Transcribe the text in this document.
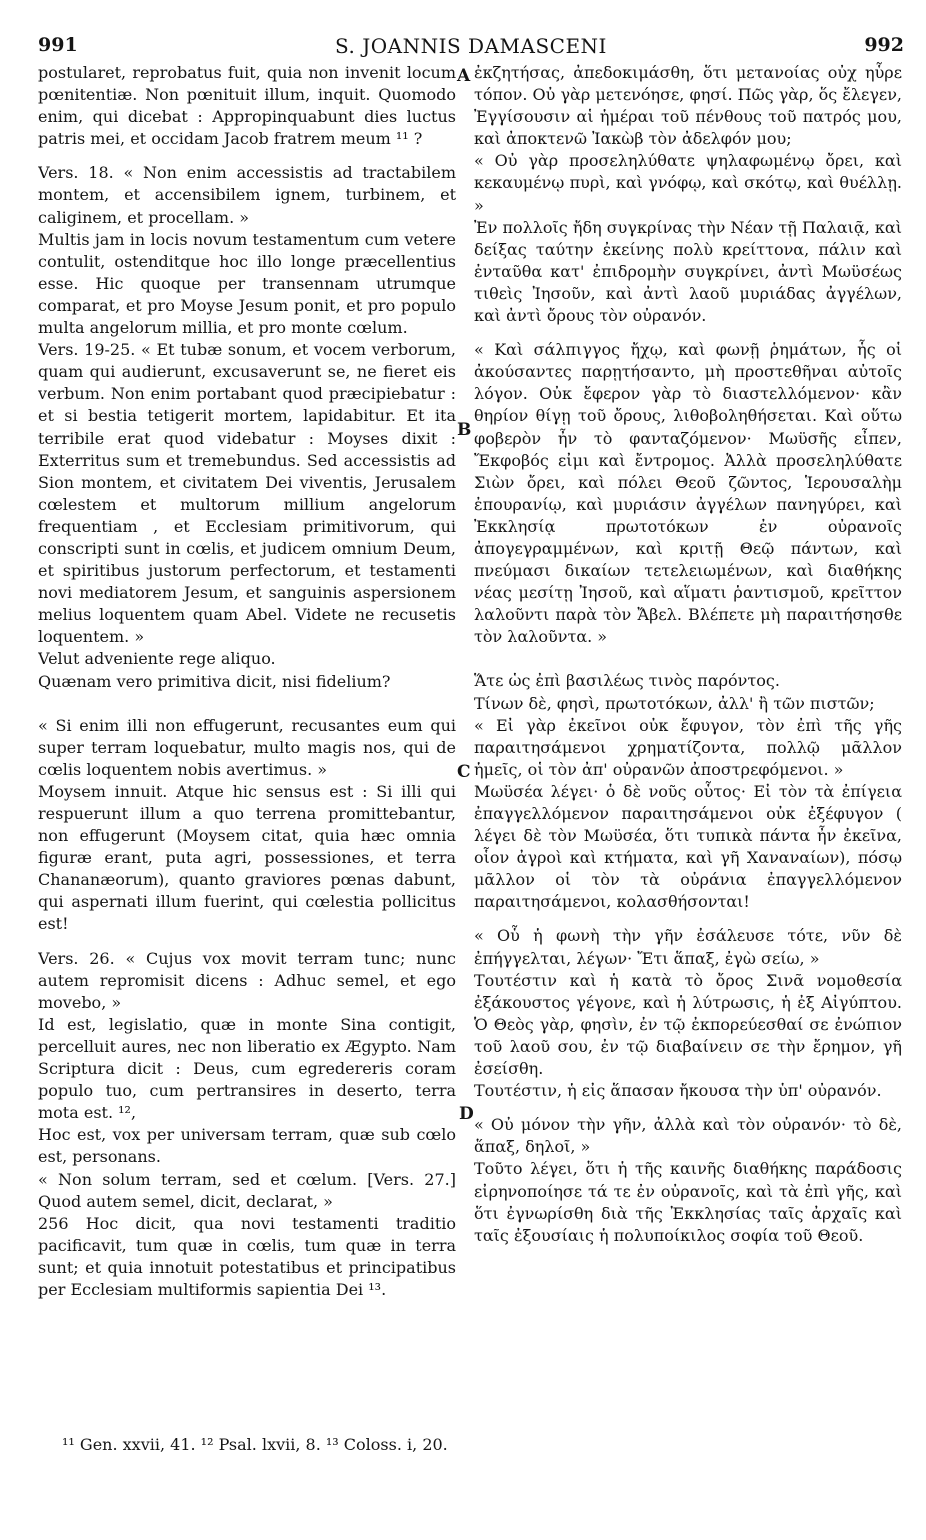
991	S. JOANNIS DAMASCENI	992

postularet, reprobatus fuit, quia non invenit locum pœnitentiæ. Non pœnituit illum, inquit. Quomodo enim, qui dicebat : Appropinquabunt dies luctus patris mei, et occidam Jacob fratrem meum ¹¹ ?

Vers. 18. « Non enim accessistis ad tractabilem montem, et accensibilem ignem, turbinem, et caliginem, et procellam. »

Multis jam in locis novum testamentum cum vetere contulit, ostenditque hoc illo longe præcellentius esse. Hic quoque per transennam utrumque comparat, et pro Moyse Jesum ponit, et pro populo multa angelorum millia, et pro monte cœlum.

Vers. 19-25. « Et tubæ sonum, et vocem verborum, quam qui audierunt, excusaverunt se, ne fieret eis verbum. Non enim portabant quod præcipiebatur : et si bestia tetigerit mortem, lapidabitur. Et ita terribile erat quod videbatur : Moyses dixit : Exterritus sum et tremebundus. Sed accessistis ad Sion montem, et civitatem Dei viventis, Jerusalem cœlestem et multorum millium angelorum frequentiam , et Ecclesiam primitivorum, qui conscripti sunt in cœlis, et judicem omnium Deum, et spiritibus justorum perfectorum, et testamenti novi mediatorem Jesum, et sanguinis aspersionem melius loquentem quam Abel. Videte ne recusetis loquentem. »

Velut adveniente rege aliquo.

Quænam vero primitiva dicit, nisi fidelium?

« Si enim illi non effugerunt, recusantes eum qui super terram loquebatur, multo magis nos, qui de cœlis loquentem nobis avertimus. »

Moysem innuit. Atque hic sensus est : Si illi qui respuerunt illum a quo terrena promittebantur, non effugerunt (Moysem citat, quia hæc omnia figuræ erant, puta agri, possessiones, et terra Chananæorum), quanto graviores pœnas dabunt, qui aspernati illum fuerint, qui cœlestia pollicitus est!

Vers. 26. « Cujus vox movit terram tunc; nunc autem repromisit dicens : Adhuc semel, et ego movebo, »

Id est, legislatio, quæ in monte Sina contigit, percelluit aures, nec non liberatio ex Ægypto. Nam Scriptura dicit : Deus, cum egredereris coram populo tuo, cum pertransires in deserto, terra mota est. ¹²,

Hoc est, vox per universam terram, quæ sub cœlo est, personans.

« Non solum terram, sed et cœlum. [Vers. 27.] Quod autem semel, dicit, declarat, »

256 Hoc dicit, qua novi testamenti traditio pacificavit, tum quæ in cœlis, tum quæ in terra sunt; et quia innotuit potestatibus et principatibus per Ecclesiam multiformis sapientia Dei ¹³.

A
B
C
D

ἐκζητήσας, ἀπεδοκιμάσθη, ὅτι μετανοίας οὐχ ηὗρε τόπον. Οὐ γὰρ μετενόησε, φησί. Πῶς γὰρ, ὅς ἔλεγεν, Ἐγγίσουσιν αἱ ἡμέραι τοῦ πένθους τοῦ πατρός μου, καὶ ἀποκτενῶ Ἰακὼβ τὸν ἀδελφόν μου;

« Οὐ γὰρ προσεληλύθατε ψηλαφωμένῳ ὄρει, καὶ κεκαυμένῳ πυρὶ, καὶ γνόφῳ, καὶ σκότῳ, καὶ θυέλλῃ. »

Ἐν πολλοῖς ἤδη συγκρίνας τὴν Νέαν τῇ Παλαιᾷ, καὶ δείξας ταύτην ἐκείνης πολὺ κρείττονα, πάλιν καὶ ἐνταῦθα κατ' ἐπιδρομὴν συγκρίνει, ἀντὶ Μωϋσέως τιθεὶς Ἰησοῦν, καὶ ἀντὶ λαοῦ μυριάδας ἀγγέλων, καὶ ἀντὶ ὄρους τὸν οὐρανόν.

« Καὶ σάλπιγγος ἤχῳ, καὶ φωνῇ ῥημάτων, ἧς οἱ ἀκούσαντες παρῃτήσαντο, μὴ προστεθῆναι αὐτοῖς λόγον. Οὐκ ἔφερον γὰρ τὸ διαστελλόμενον· κἂν θηρίον θίγῃ τοῦ ὄρους, λιθοβοληθήσεται. Καὶ οὕτω φοβερὸν ἦν τὸ φανταζόμενον· Μωϋσῆς εἶπεν, Ἔκφοβός εἰμι καὶ ἔντρομος. Ἀλλὰ προσεληλύθατε Σιὼν ὄρει, καὶ πόλει Θεοῦ ζῶντος, Ἱερουσαλὴμ ἐπουρανίῳ, καὶ μυριάσιν ἀγγέλων πανηγύρει, καὶ Ἐκκλησίᾳ πρωτοτόκων ἐν οὐρανοῖς ἀπογεγραμμένων, καὶ κριτῇ Θεῷ πάντων, καὶ πνεύμασι δικαίων τετελειωμένων, καὶ διαθήκης νέας μεσίτῃ Ἰησοῦ, καὶ αἵματι ῥαντισμοῦ, κρεῖττον λαλοῦντι παρὰ τὸν Ἄβελ. Βλέπετε μὴ παραιτήσησθε τὸν λαλοῦντα. »

Ἅτε ὡς ἐπὶ βασιλέως τινὸς παρόντος.

Τίνων δὲ, φησὶ, πρωτοτόκων, ἀλλ' ἢ τῶν πιστῶν;

« Εἰ γὰρ ἐκεῖνοι οὐκ ἔφυγον, τὸν ἐπὶ τῆς γῆς παραιτησάμενοι χρηματίζοντα, πολλῷ μᾶλλον ἡμεῖς, οἱ τὸν ἀπ' οὐρανῶν ἀποστρεφόμενοι. »

Μωϋσέα λέγει· ὁ δὲ νοῦς οὗτος· Εἰ τὸν τὰ ἐπίγεια ἐπαγγελλόμενον παραιτησάμενοι οὐκ ἐξέφυγον ( λέγει δὲ τὸν Μωϋσέα, ὅτι τυπικὰ πάντα ἦν ἐκεῖνα, οἷον ἀγροὶ καὶ κτήματα, καὶ γῆ Χαναναίων), πόσῳ μᾶλλον οἱ τὸν τὰ οὐράνια ἐπαγγελλόμενον παραιτησάμενοι, κολασθήσονται!

« Οὗ ἡ φωνὴ τὴν γῆν ἐσάλευσε τότε, νῦν δὲ ἐπήγγελται, λέγων· Ἔτι ἅπαξ, ἐγὼ σείω, »

Τουτέστιν καὶ ἡ κατὰ τὸ ὄρος Σινᾶ νομοθεσία ἐξάκουστος γέγονε, καὶ ἡ λύτρωσις, ἡ ἐξ Αἰγύπτου. Ὁ Θεὸς γὰρ, φησὶν, ἐν τῷ ἐκπορεύεσθαί σε ἐνώπιον τοῦ λαοῦ σου, ἐν τῷ διαβαίνειν σε τὴν ἔρημον, γῆ ἐσείσθη.

Τουτέστιν, ἡ εἰς ἅπασαν ἤκουσα τὴν ὑπ' οὐρανόν.

« Οὐ μόνον τὴν γῆν, ἀλλὰ καὶ τὸν οὐρανόν· τὸ δὲ, ἅπαξ, δηλοῖ, »

Τοῦτο λέγει, ὅτι ἡ τῆς καινῆς διαθήκης παράδοσις εἰρηνοποίησε τά τε ἐν οὐρανοῖς, καὶ τὰ ἐπὶ γῆς, καὶ ὅτι ἐγνωρίσθη διὰ τῆς Ἐκκλησίας ταῖς ἀρχαῖς καὶ ταῖς ἐξουσίαις ἡ πολυποίκιλος σοφία τοῦ Θεοῦ.

¹¹ Gen. xxvii, 41. ¹² Psal. lxvii, 8. ¹³ Coloss. i, 20.
